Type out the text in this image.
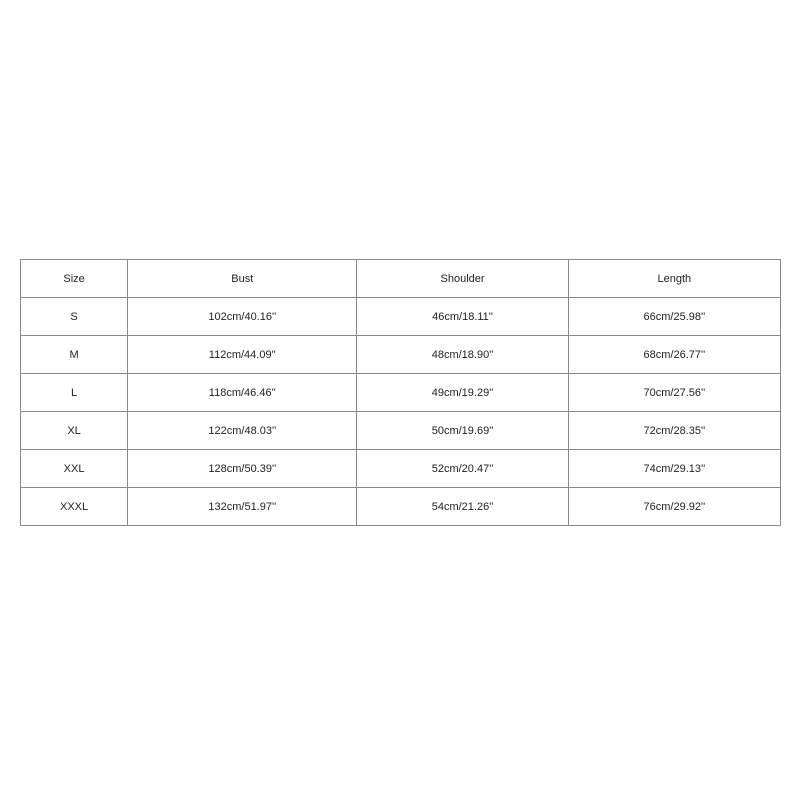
Size	Bust	Shoulder	Length
S	102cm/40.16''	46cm/18.11''	66cm/25.98''
M	112cm/44.09''	48cm/18.90''	68cm/26.77''
L	118cm/46.46''	49cm/19.29''	70cm/27.56''
XL	122cm/48.03''	50cm/19.69''	72cm/28.35''
XXL	128cm/50.39''	52cm/20.47''	74cm/29.13''
XXXL	132cm/51.97''	54cm/21.26''	76cm/29.92''
